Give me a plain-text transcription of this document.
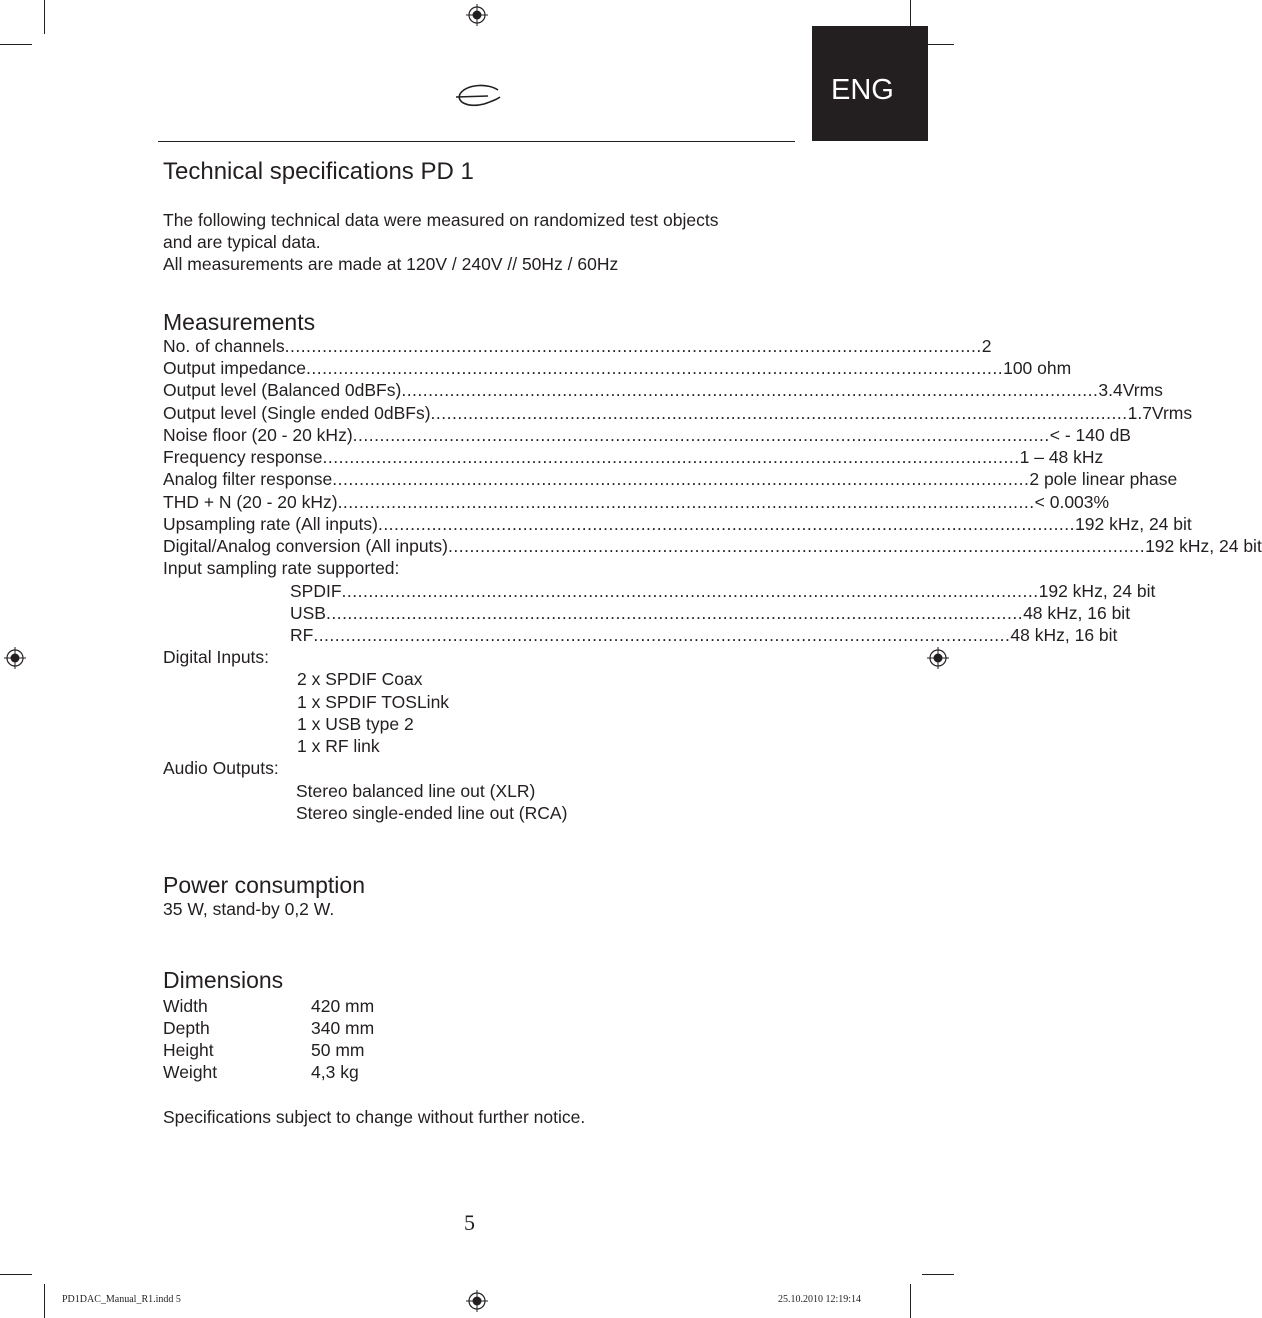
ENG
Technical specifications PD 1
The following technical data were measured on randomized test objects
and are typical data.
All measurements are made at 120V / 240V // 50Hz / 60Hz
Measurements
No. of channels .................................................................................................................................. 2
Output impedance .................................................................................................................................. 100 ohm
Output level (Balanced 0dBFs) .................................................................................................................................. 3.4Vrms
Output level (Single ended 0dBFs) .................................................................................................................................. 1.7Vrms
Noise floor (20 - 20 kHz) .................................................................................................................................. < - 140 dB
Frequency response .................................................................................................................................. 1 – 48 kHz
Analog filter response .................................................................................................................................. 2 pole linear phase
THD + N (20 - 20 kHz) .................................................................................................................................. < 0.003%
Upsampling rate (All inputs) .................................................................................................................................. 192 kHz, 24 bit
Digital/Analog conversion (All inputs) .................................................................................................................................. 192 kHz, 24 bit
Input sampling rate supported:
SPDIF .................................................................................................................................. 192 kHz, 24 bit
USB .................................................................................................................................. 48 kHz, 16 bit
RF .................................................................................................................................. 48 kHz, 16 bit
Digital Inputs:
2 x SPDIF Coax
1 x SPDIF TOSLink
1 x USB type 2
1 x RF link
Audio Outputs:
Stereo balanced line out (XLR)
Stereo single-ended line out (RCA)
Power consumption
35 W, stand-by 0,2 W.
Dimensions
Width	420 mm
Depth	340 mm
Height	50 mm
Weight	4,3 kg
Specifications subject to change without further notice.
5
PD1DAC_Manual_R1.indd 5	25.10.2010 12:19:14
